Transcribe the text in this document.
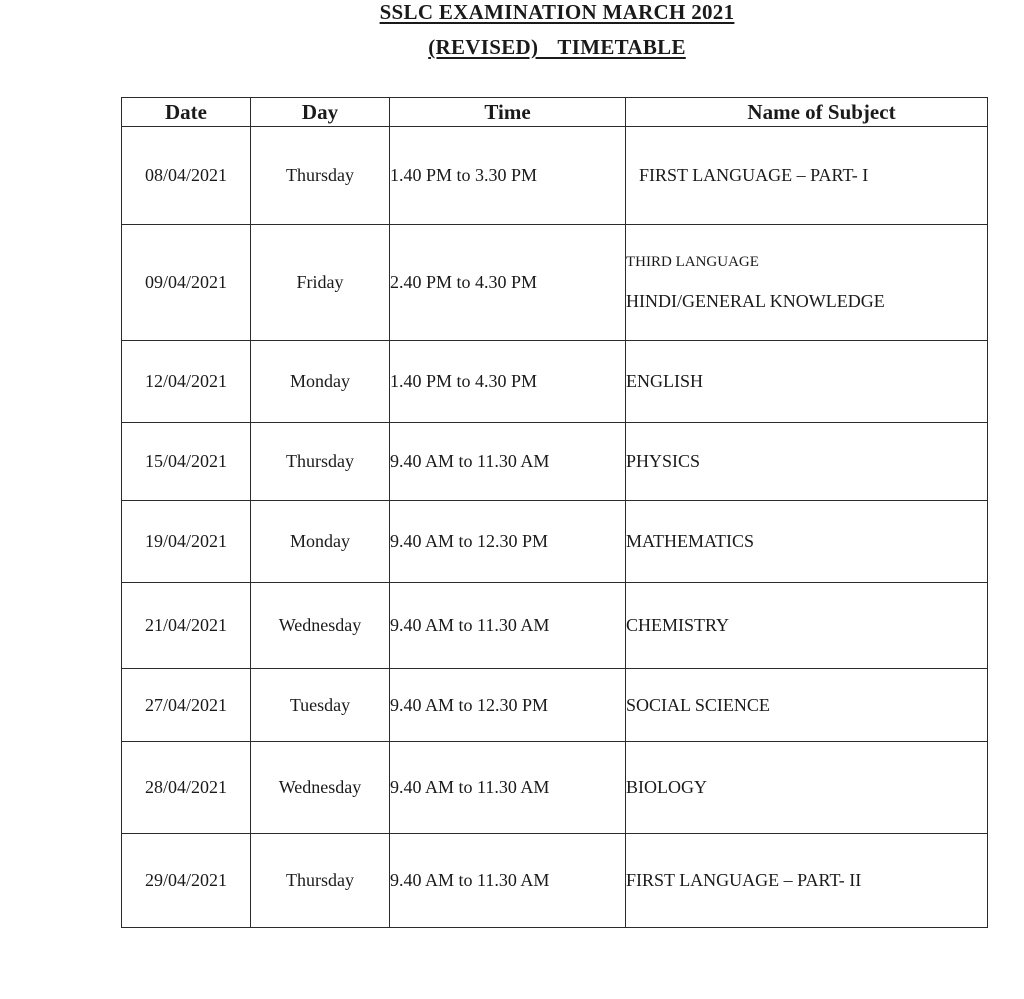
SSLC EXAMINATION MARCH 2021
(REVISED) TIMETABLE
Date	Day	Time	Name of Subject
08/04/2021	Thursday	1.40 PM to 3.30 PM	FIRST LANGUAGE – PART- I
09/04/2021	Friday	2.40 PM to 4.30 PM	THIRD LANGUAGE
HINDI/GENERAL KNOWLEDGE

12/04/2021	Monday	1.40 PM to 4.30 PM	ENGLISH
15/04/2021	Thursday	9.40 AM to 11.30 AM	PHYSICS
19/04/2021	Monday	9.40 AM to 12.30 PM	MATHEMATICS
21/04/2021	Wednesday	9.40 AM to 11.30 AM	CHEMISTRY
27/04/2021	Tuesday	9.40 AM to 12.30 PM	SOCIAL SCIENCE
28/04/2021	Wednesday	9.40 AM to 11.30 AM	BIOLOGY
29/04/2021	Thursday	9.40 AM to 11.30 AM	FIRST LANGUAGE – PART- II
